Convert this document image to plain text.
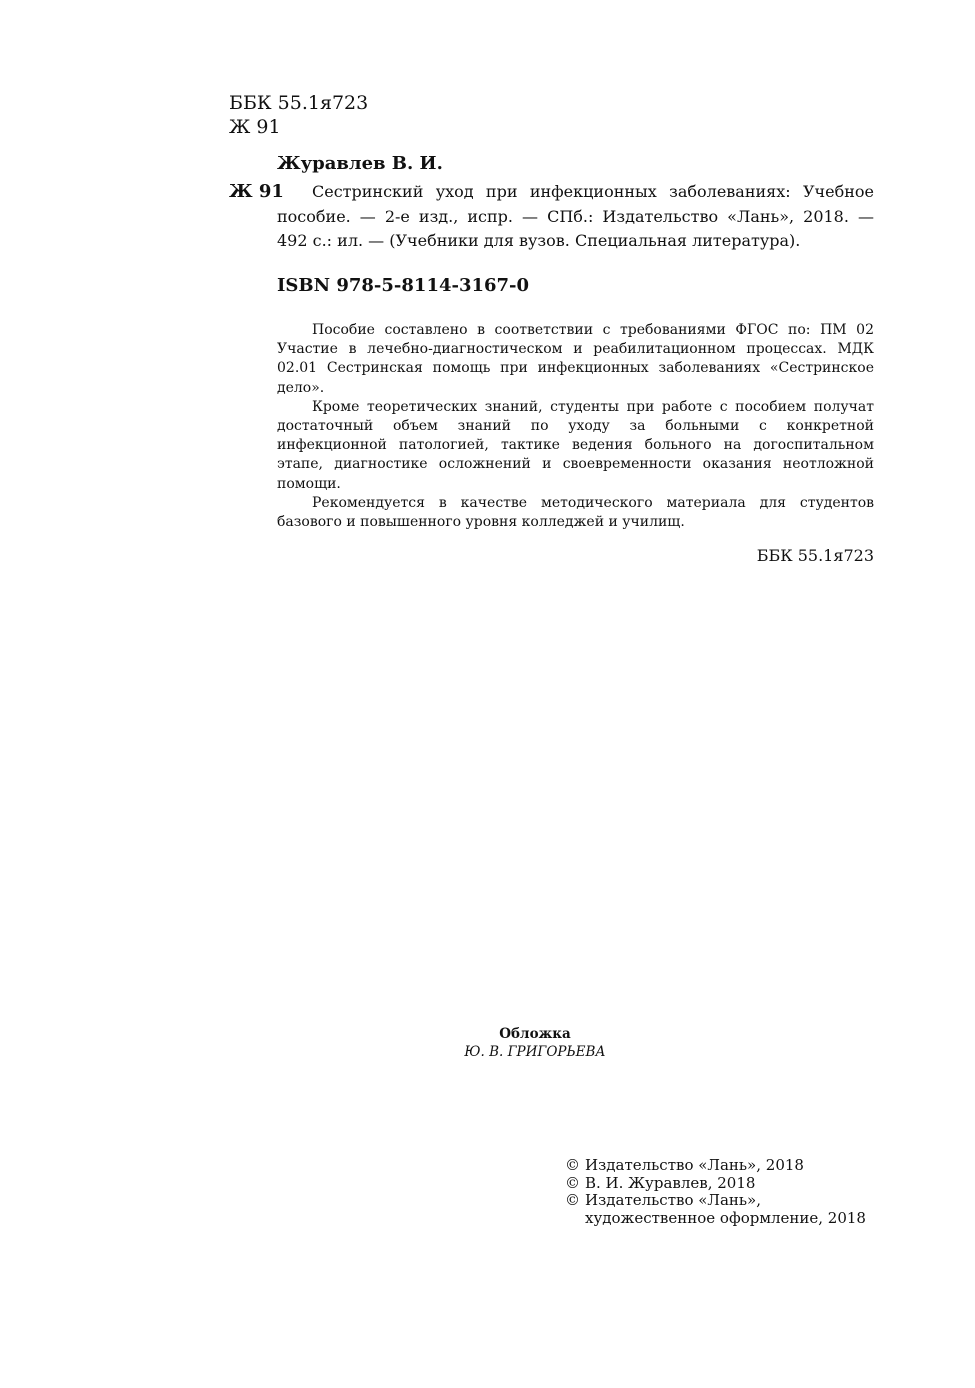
ББК 55.1я723
Ж 91
Журавлев В. И.
Ж 91	Сестринский уход при инфекционных заболеваниях: Учебное
пособие. — 2-е изд., испр. — СПб.: Издательство «Лань», 2018. —
492 с.: ил. — (Учебники для вузов. Специальная литература).
ISBN 978-5-8114-3167-0
Пособие составлено в соответствии с требованиями ФГОС по: ПМ 02
Участие в лечебно-диагностическом и реабилитационном процессах. МДК
02.01 Сестринская помощь при инфекционных заболеваниях «Сестринское
дело».
Кроме теоретических знаний, студенты при работе с пособием получат
достаточный объем знаний по уходу за больными с конкретной
инфекционной патологией, тактике ведения больного на догоспитальном
этапе, диагностике осложнений и своевременности оказания неотложной
помощи.
Рекомендуется в качестве методического материала для студентов
базового и повышенного уровня колледжей и училищ.
ББК 55.1я723
Обложка
Ю. В. ГРИГОРЬЕВА
© Издательство «Лань», 2018
© В. И. Журавлев, 2018
© Издательство «Лань»,
художественное оформление, 2018
